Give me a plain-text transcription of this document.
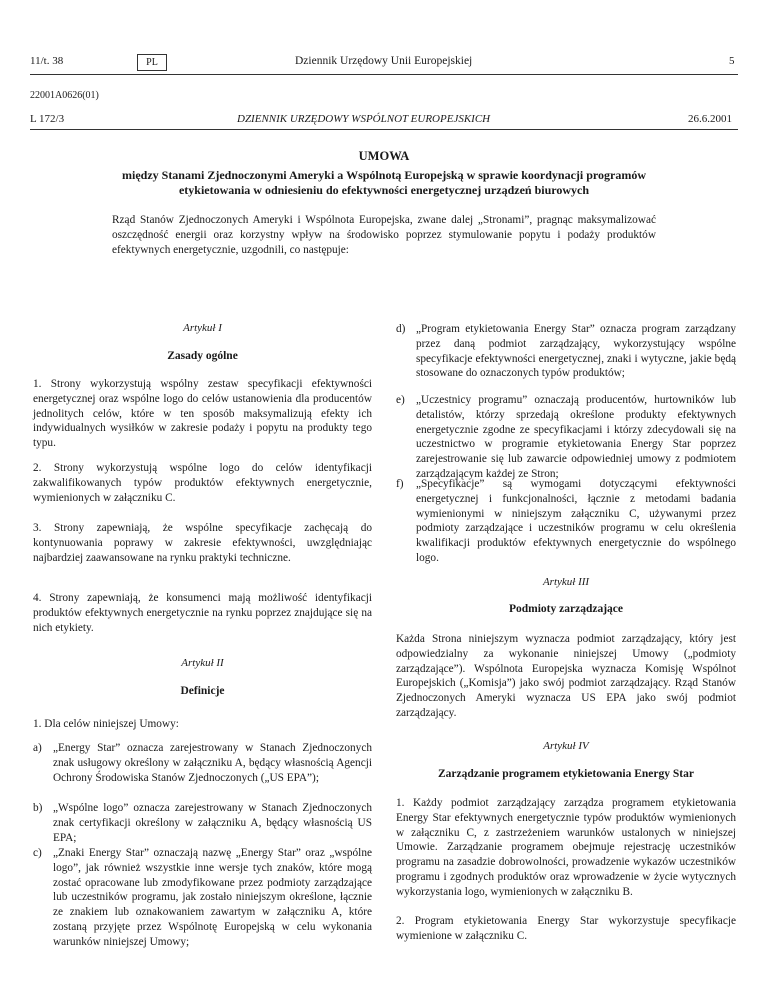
11/t. 38	PL	Dziennik Urzędowy Unii Europejskiej	5
22001A0626(01)
L 172/3	DZIENNIK URZĘDOWY WSPÓLNOT EUROPEJSKICH	26.6.2001
UMOWA
między Stanami Zjednoczonymi Ameryki a Wspólnotą Europejską w sprawie koordynacji programów
etykietowania w odniesieniu do efektywności energetycznej urządzeń biurowych
Rząd Stanów Zjednoczonych Ameryki i Wspólnota Europejska, zwane dalej „Stronami”, pragnąc maksymalizować oszczędność energii oraz korzystny wpływ na środowisko poprzez stymulowanie popytu i podaży produktów efektywnych energetycznie, uzgodnili, co następuje:
Artykuł I
Zasady ogólne
1. Strony wykorzystują wspólny zestaw specyfikacji efektywności energetycznej oraz wspólne logo do celów ustanowienia dla producentów jednolitych celów, które w ten sposób maksymalizują efekty ich indywidualnych wysiłków w zakresie podaży i popytu na produkty tego typu.
2. Strony wykorzystują wspólne logo do celów identyfikacji zakwalifikowanych typów produktów efektywnych energetycznie, wymienionych w załączniku C.
3. Strony zapewniają, że wspólne specyfikacje zachęcają do kontynuowania poprawy w zakresie efektywności, uwzględniając najbardziej zaawansowane na rynku praktyki techniczne.
4. Strony zapewniają, że konsumenci mają możliwość identyfikacji produktów efektywnych energetycznie na rynku poprzez znajdujące się na nich etykiety.
Artykuł II
Definicje
1. Dla celów niniejszej Umowy:
a) „Energy Star” oznacza zarejestrowany w Stanach Zjednoczonych znak usługowy określony w załączniku A, będący własnością Agencji Ochrony Środowiska Stanów Zjednoczonych („US EPA”);
b) „Wspólne logo” oznacza zarejestrowany w Stanach Zjednoczonych znak certyfikacji określony w załączniku A, będący własnością US EPA;
c) „Znaki Energy Star” oznaczają nazwę „Energy Star” oraz „wspólne logo”, jak również wszystkie inne wersje tych znaków, które mogą zostać opracowane lub zmodyfikowane przez podmioty zarządzające lub uczestników programu, jak zostało niniejszym określone, łącznie ze znakiem lub oznakowaniem zawartym w załączniku A, które zostaną przyjęte przez Wspólnotę Europejską w celu wykonania warunków niniejszej Umowy;
d) „Program etykietowania Energy Star” oznacza program zarządzany przez daną podmiot zarządzający, wykorzystujący wspólne specyfikacje efektywności energetycznej, znaki i wytyczne, jakie będą stosowane do oznaczonych typów produktów;
e) „Uczestnicy programu” oznaczają producentów, hurtowników lub detalistów, którzy sprzedają określone produkty efektywnych energetycznie zgodne ze specyfikacjami i którzy zdecydowali się na uczestnictwo w programie etykietowania Energy Star poprzez zarejestrowanie się lub zawarcie odpowiedniej umowy z podmiotem zarządzającym każdej ze Stron;
f) „Specyfikacje” są wymogami dotyczącymi efektywności energetycznej i funkcjonalności, łącznie z metodami badania wymienionymi w niniejszym załączniku C, używanymi przez podmioty zarządzające i uczestników programu w celu określenia kwalifikacji produktów efektywnych energetycznie do wspólnego logo.
Artykuł III
Podmioty zarządzające
Każda Strona niniejszym wyznacza podmiot zarządzający, który jest odpowiedzialny za wykonanie niniejszej Umowy („podmioty zarządzające”). Wspólnota Europejska wyznacza Komisję Wspólnot Europejskich („Komisja”) jako swój podmiot zarządzający. Rząd Stanów Zjednoczonych Ameryki wyznacza US EPA jako swój podmiot zarządzający.
Artykuł IV
Zarządzanie programem etykietowania Energy Star
1. Każdy podmiot zarządzający zarządza programem etykietowania Energy Star efektywnych energetycznie typów produktów wymienionych w załączniku C, z zastrzeżeniem warunków ustalonych w niniejszej Umowie. Zarządzanie programem obejmuje rejestrację uczestników programu na zasadzie dobrowolności, prowadzenie wykazów uczestników programu i zgodnych produktów oraz wprowadzenie w życie wytycznych wykorzystania logo, wymienionych w załączniku B.
2. Program etykietowania Energy Star wykorzystuje specyfikacje wymienione w załączniku C.
